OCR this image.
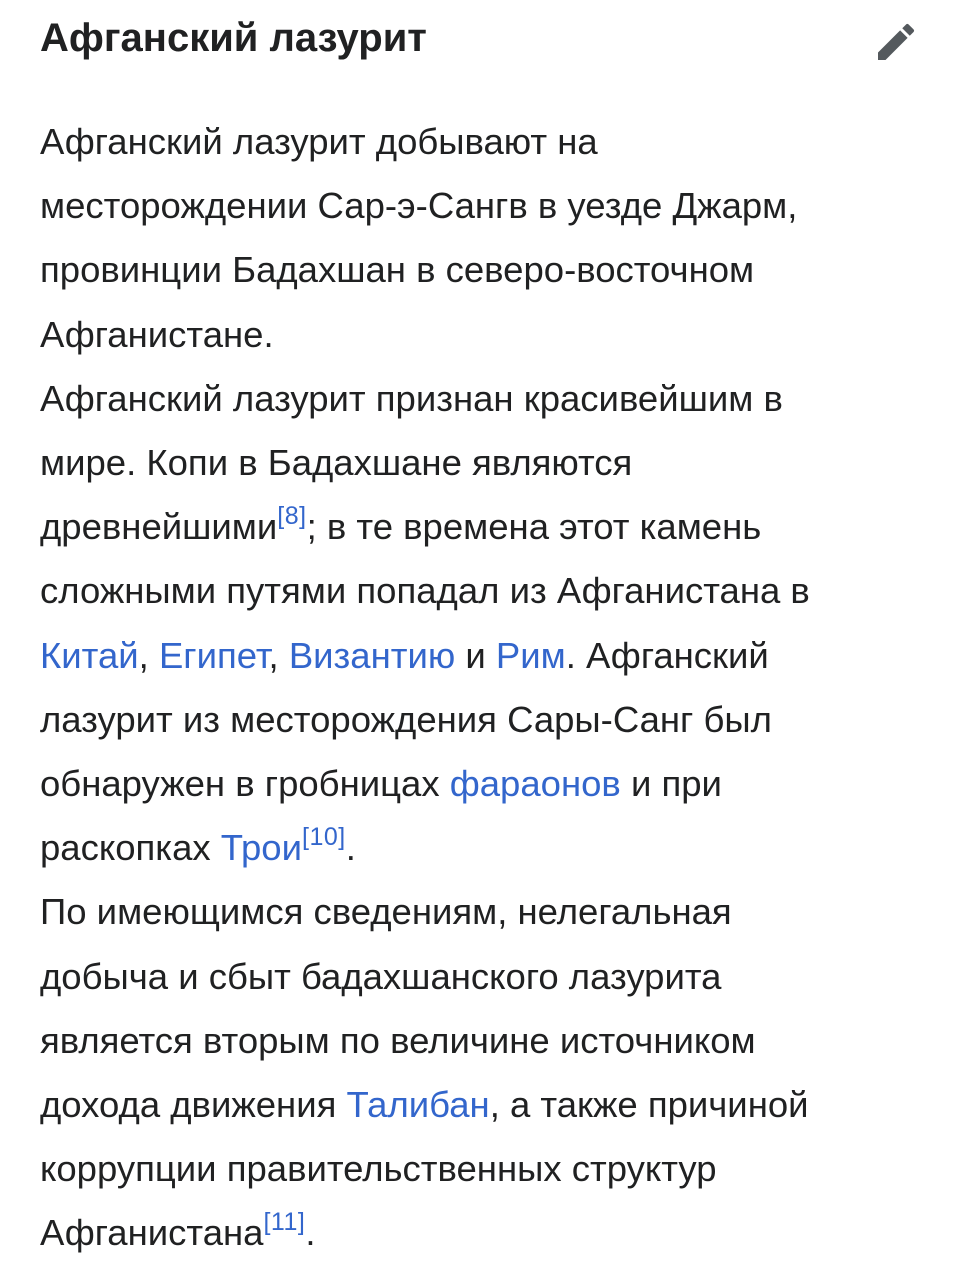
Афганский лазурит

Афганский лазурит добывают на
месторождении Сар-э-Сангв в уезде Джарм,
провинции Бадахшан в северо-восточном
Афганистане.

Афганский лазурит признан красивейшим в
мире. Копи в Бадахшане являются
древнейшими[8]; в те времена этот камень
сложными путями попадал из Афганистана в
Китай, Египет, Византию и Рим. Афганский
лазурит из месторождения Сары-Санг был
обнаружен в гробницах фараонов и при
раскопках Трои[10].

По имеющимся сведениям, нелегальная
добыча и сбыт бадахшанского лазурита
является вторым по величине источником
дохода движения Талибан, а также причиной
коррупции правительственных структур
Афганистана[11].
